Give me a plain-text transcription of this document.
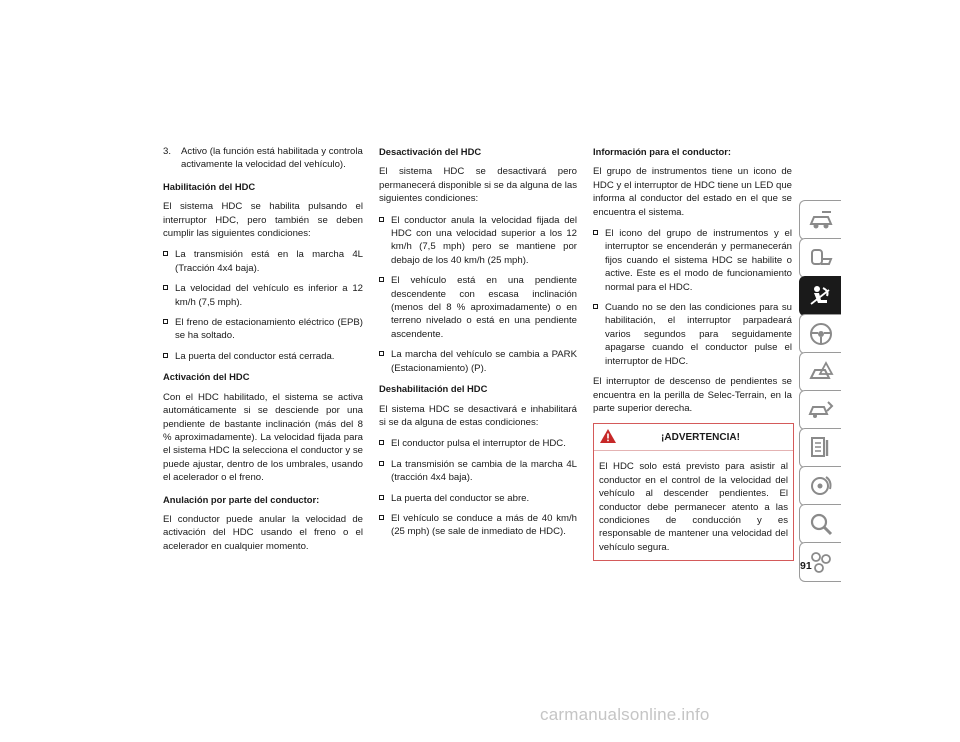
3. Activo (la función está habilitada y controla activamente la velocidad del vehículo).
Habilitación del HDC

El sistema HDC se habilita pulsando el interruptor HDC, pero también se deben cumplir las siguientes condiciones:

La transmisión está en la marcha 4L (Tracción 4x4 baja).
La velocidad del vehículo es inferior a 12 km/h (7,5 mph).
El freno de estacionamiento eléctrico (EPB) se ha soltado.
La puerta del conductor está cerrada.
Activación del HDC

Con el HDC habilitado, el sistema se activa automáticamente si se desciende por una pendiente de bastante inclinación (más del 8 % aproximadamente). La velocidad fijada para el sistema HDC la selecciona el conductor y se puede ajustar, dentro de los umbrales, usando el acelerador o el freno.

Anulación por parte del conductor:

El conductor puede anular la velocidad de activación del HDC usando el freno o el acelerador en cualquier momento.

Desactivación del HDC

El sistema HDC se desactivará pero permanecerá disponible si se da alguna de las siguientes condiciones:

El conductor anula la velocidad fijada del HDC con una velocidad superior a los 12 km/h (7,5 mph) pero se mantiene por debajo de los 40 km/h (25 mph).
El vehículo está en una pendiente descendente con escasa inclinación (menos del 8 % aproximadamente) o en terreno nivelado o está en una pendiente ascendente.
La marcha del vehículo se cambia a PARK (Estacionamiento) (P).
Deshabilitación del HDC

El sistema HDC se desactivará e inhabilitará si se da alguna de estas condiciones:

El conductor pulsa el interruptor de HDC.
La transmisión se cambia de la marcha 4L (tracción 4x4 baja).
La puerta del conductor se abre.
El vehículo se conduce a más de 40 km/h (25 mph) (se sale de inmediato de HDC).
Información para el conductor:

El grupo de instrumentos tiene un icono de HDC y el interruptor de HDC tiene un LED que informa al conductor del estado en el que se encuentra el sistema.

El icono del grupo de instrumentos y el interruptor se encenderán y permanecerán fijos cuando el sistema HDC se habilite o active. Este es el modo de funcionamiento normal para el HDC.
Cuando no se den las condiciones para su habilitación, el interruptor parpadeará varios segundos para seguidamente apagarse cuando el conductor pulse el interruptor de HDC.

El interruptor de descenso de pendientes se encuentra en la perilla de Selec-Terrain, en la parte superior derecha.

¡ADVERTENCIA!
El HDC solo está previsto para asistir al conductor en el control de la velocidad del vehículo al descender pendientes. El conductor debe permanecer atento a las condiciones de conducción y es responsable de mantener una velocidad del vehículo segura.
91
carmanualsonline.info
